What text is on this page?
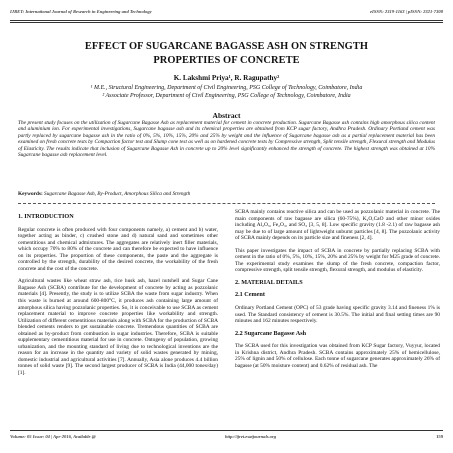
IJRET: International Journal of Research in Engineering and Technology	eISSN: 2319-1163 | pISSN: 2321-7308
EFFECT OF SUGARCANE BAGASSE ASH ON STRENGTH
PROPERTIES OF CONCRETE
K. Lakshmi Priya¹, R. Ragupathy²
¹ M.E., Structural Engineering, Department of Civil Engineering, PSG College of Technology, Coimbatore, India
² Associate Professor, Department of Civil Engineering, PSG College of Technology, Coimbatore, India
Abstract
The present study focuses on the utilization of Sugarcane Bagasse Ash as replacement material for cement in concrete production. Sugarcane Bagasse ash contains high amorphous silica content and aluminium ion. For experimental investigations, Sugarcane bagasse ash and its chemical properties are obtained from KCP sugar factory, Andhra Pradesh. Ordinary Portland cement was partly replaced by sugarcane bagasse ash in the ratio of 0%, 5%, 10%, 15%, 20% and 25% by weight and the influence of Sugarcane bagasse ash as a partial replacement material has been examined on fresh concrete tests by Compaction factor test and Slump cone test as well as on hardened concrete tests by Compressive strength, Split tensile strength, Flexural strength and Modulus of Elasticity. The results indicate that inclusion of Sugarcane Bagasse Ash in concrete up to 20% level significantly enhanced the strength of concrete. The highest strength was obtained at 10% Sugarcane bagasse ash replacement level.
Keywords: Sugarcane Bagasse Ash, By-Product, Amorphous Silica and Strength
1. INTRODUCTION

Regular concrete is often produced with four components namely, a) cement and b) water, together acting as binder, c) crushed stone and d) natural sand and sometimes other cementitious and chemical admixtures. The aggregates are relatively inert filler materials, which occupy 70% to 80% of the concrete and can therefore be expected to have influence on its properties. The proportion of these components, the paste and the aggregate is controlled by the strength, durability of the desired concrete, the workability of the fresh concrete and the cost of the concrete.

Agricultural wastes like wheat straw ash, rice husk ash, hazel nutshell and Sugar Cane Bagasse Ash (SCBA) contribute for the development of concrete by acting as pozzolanic materials [4]. Presently, the study is to utilize SCBA the waste from sugar industry. When this waste is burned at around 600-800°C, it produces ash containing large amount of amorphous silica having pozzolanic properties. So, it is conceivable to use SCBA as cement replacement material to improve concrete properties like workability and strength. Utilization of different cementitious materials along with SCBA for the production of SCBA blended cements renders to get sustainable concrete. Tremendous quantities of SCBA are obtained as by-product from combustion in sugar industries. Therefore, SCBA is suitable supplementary cementitious material for use in concrete. Ontogeny of population, growing urbanization, and the mounting standard of living due to technological inventions are the reason for an increase in the quantity and variety of solid wastes generated by mining, domestic industrial and agricultural activities [7]. Annually, Asia alone produces 4.4 billion tonnes of solid waste [9]. The second largest producer of SCBA is India (44,000 tones/day) [1].

SCBA mainly contains reactive silica and can be used as pozzolanic material in concrete. The main components of raw bagasse are silica (60-75%), K₂O,CaO and other minor oxides including Al₂O₃, Fe₂O₃, and SO₃ [3, 5, 8]. Low specific gravity (1.8 -2.1) of raw bagasse ash may be due to of large amount of lightweight unburnt particles [4, 8]. The pozzolanic activity of SCBA mainly depends on its particle size and fineness [2, 4].

This paper investigates the impact of SCBA in concrete by partially replacing SCBA with cement in the ratio of 0%, 5%, 10%, 15%, 20% and 25% by weight for M25 grade of concrete. The experimental study examines the slump of the fresh concrete, compaction factor, compressive strength, split tensile strength, flexural strength, and modulus of elasticity.

2. MATERIAL DETAILS
2.1 Cement

Ordinary Portland Cement (OPC) of 53 grade having specific gravity 3.14 and fineness 1% is used. The Standard consistency of cement is 30.5%. The initial and final setting times are 90 minutes and 162 minutes respectively.

2.2 Sugarcane Bagasse Ash

The SCBA used for this investigation was obtained from KCP Sugar factory, Vuyyur, located in Krishna district, Andhra Pradesh. SCBA contains approximately 25% of hemicellulose, 25% of lignin and 50% of cellulose. Each tonne of sugarcane generates approximately 26% of bagasse (at 50% moisture content) and 0.62% of residual ash. The

Volume: 05 Issue: 04 | Apr-2016, Available @	http://ijret.esatjournals.org	159
